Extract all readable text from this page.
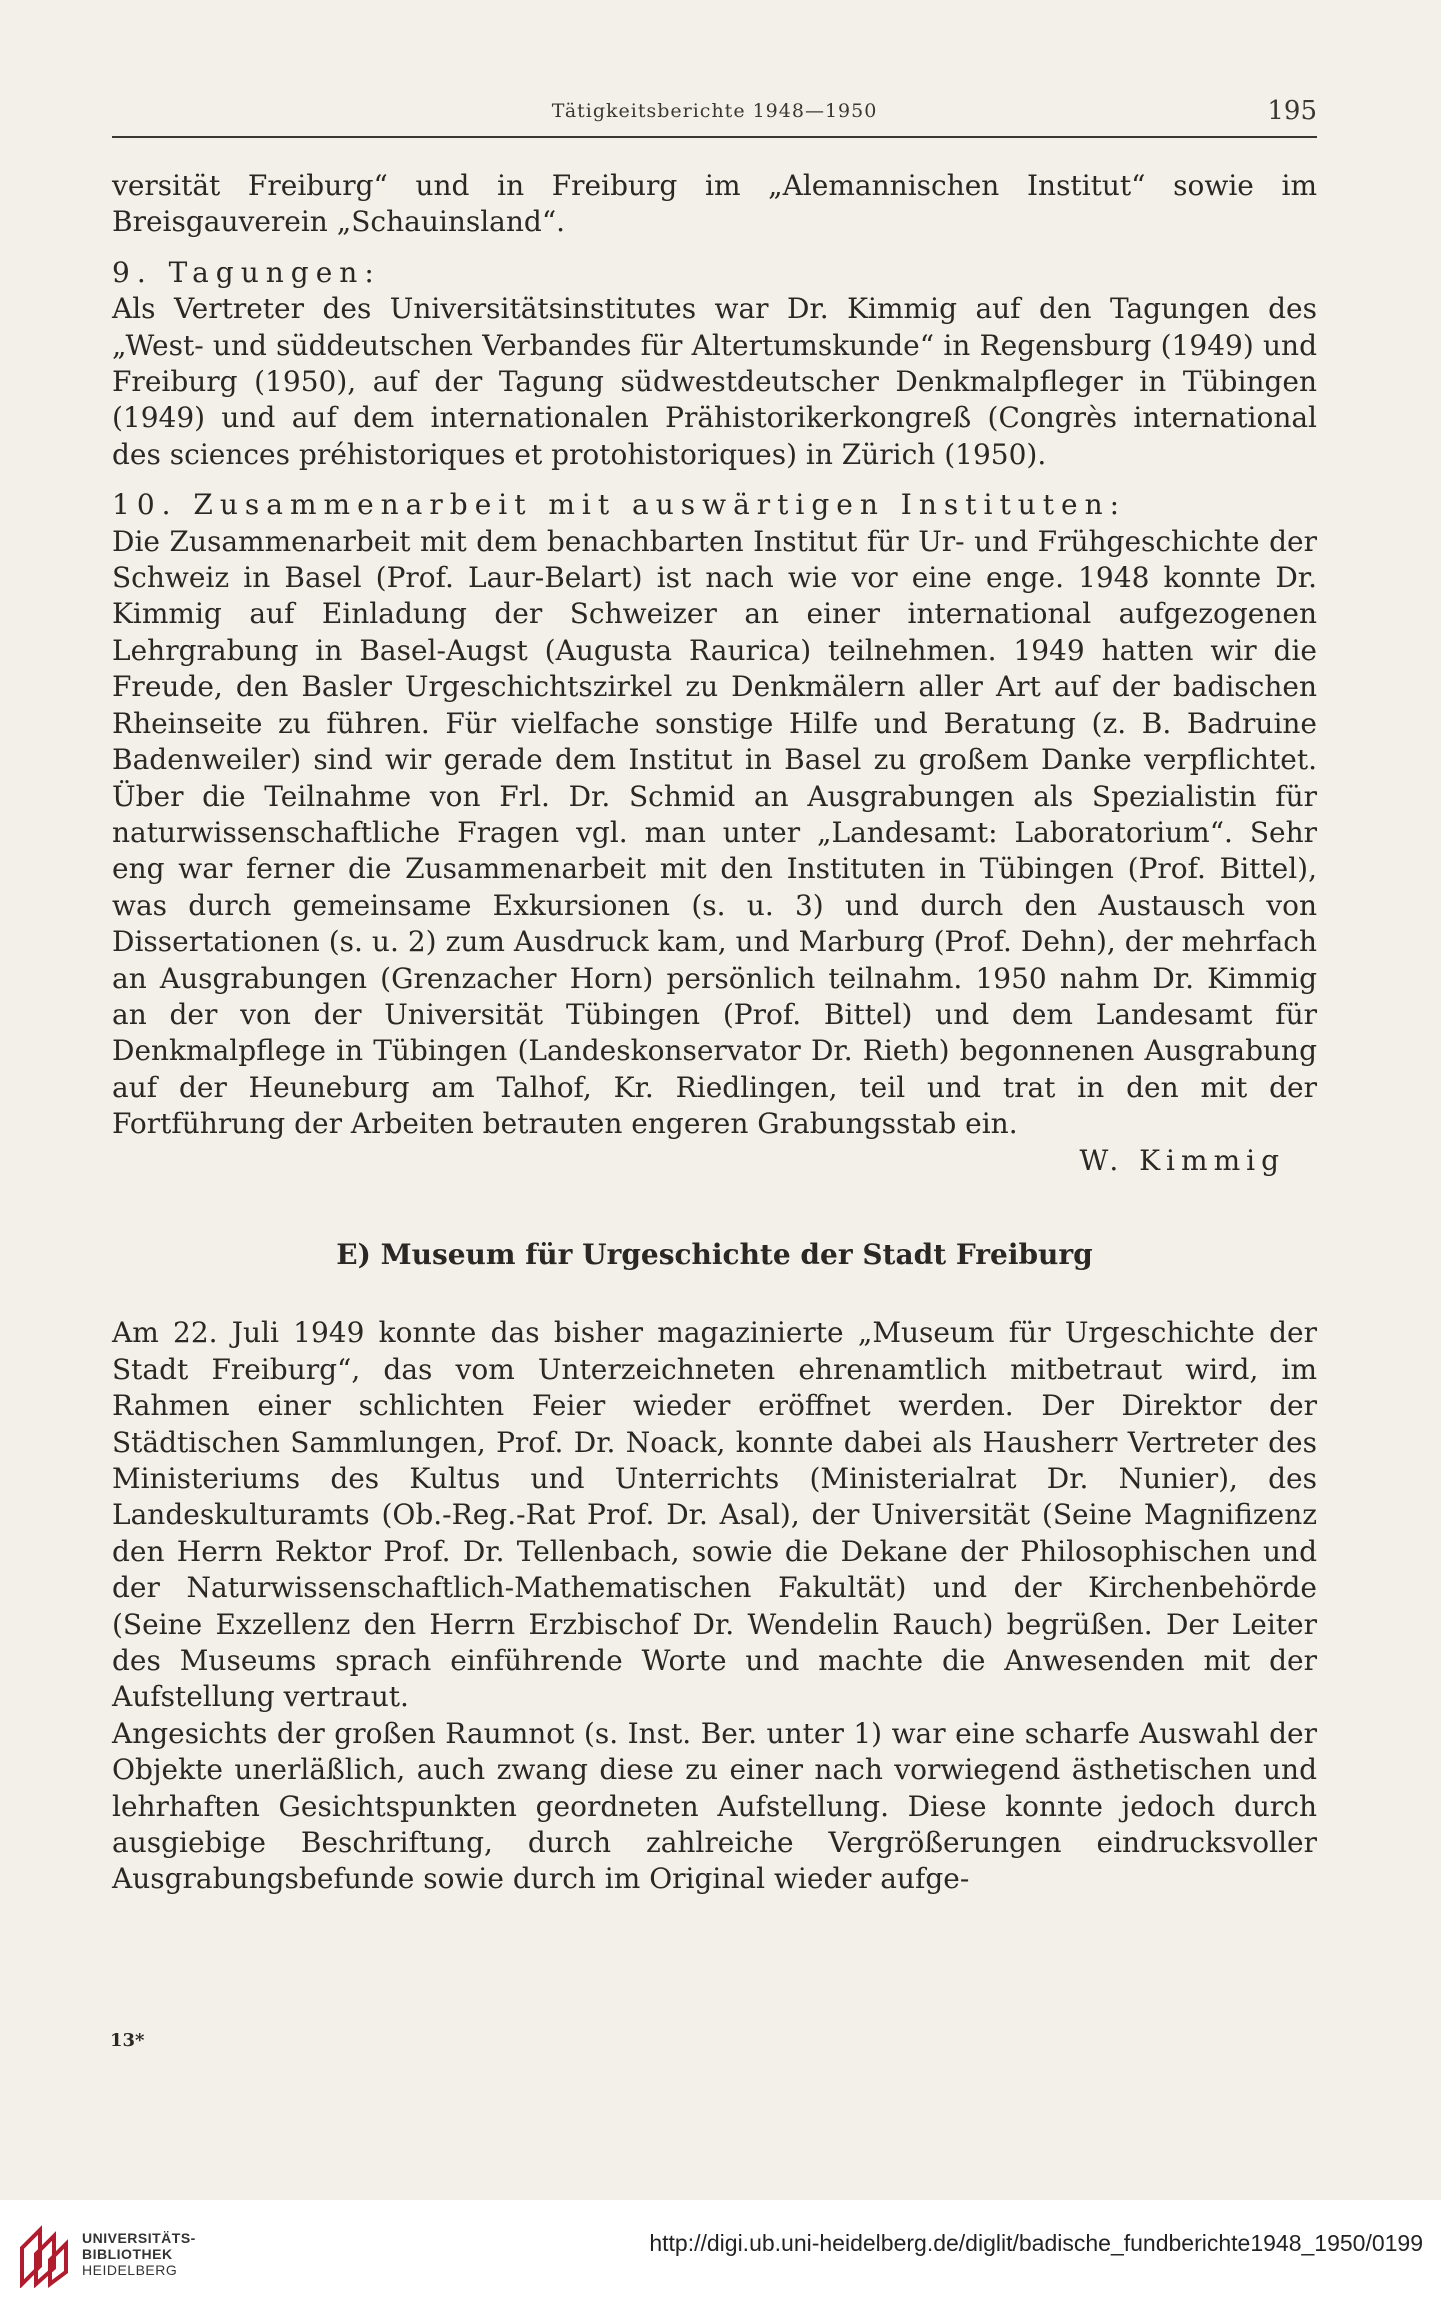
Tätigkeitsberichte 1948—1950	195

versität Freiburg“ und in Freiburg im „Alemannischen Institut“ sowie im Breisgauverein „Schauinsland“.

9. Tagungen:

Als Vertreter des Universitätsinstitutes war Dr. Kimmig auf den Tagungen des „West- und süddeutschen Verbandes für Altertumskunde“ in Regensburg (1949) und Freiburg (1950), auf der Tagung südwestdeutscher Denkmalpfleger in Tübingen (1949) und auf dem internationalen Prähistorikerkongreß (Congrès international des sciences préhistoriques et protohistoriques) in Zürich (1950).

10. Zusammenarbeit mit auswärtigen Instituten:

Die Zusammenarbeit mit dem benachbarten Institut für Ur- und Frühgeschichte der Schweiz in Basel (Prof. Laur-Belart) ist nach wie vor eine enge. 1948 konnte Dr. Kimmig auf Einladung der Schweizer an einer international aufgezogenen Lehrgrabung in Basel-Augst (Augusta Raurica) teilnehmen. 1949 hatten wir die Freude, den Basler Urgeschichtszirkel zu Denkmälern aller Art auf der badischen Rheinseite zu führen. Für vielfache sonstige Hilfe und Beratung (z. B. Badruine Badenweiler) sind wir gerade dem Institut in Basel zu großem Danke verpflichtet. Über die Teilnahme von Frl. Dr. Schmid an Ausgrabungen als Spezialistin für naturwissenschaftliche Fragen vgl. man unter „Landesamt: Laboratorium“. Sehr eng war ferner die Zusammenarbeit mit den Instituten in Tübingen (Prof. Bittel), was durch gemeinsame Exkursionen (s. u. 3) und durch den Austausch von Dissertationen (s. u. 2) zum Ausdruck kam, und Marburg (Prof. Dehn), der mehrfach an Ausgrabungen (Grenzacher Horn) persönlich teilnahm. 1950 nahm Dr. Kimmig an der von der Universität Tübingen (Prof. Bittel) und dem Landesamt für Denkmalpflege in Tübingen (Landeskonservator Dr. Rieth) begonnenen Ausgrabung auf der Heuneburg am Talhof, Kr. Riedlingen, teil und trat in den mit der Fortführung der Arbeiten betrauten engeren Grabungsstab ein.

W. Kimmig

E) Museum für Urgeschichte der Stadt Freiburg

Am 22. Juli 1949 konnte das bisher magazinierte „Museum für Urgeschichte der Stadt Freiburg“, das vom Unterzeichneten ehrenamtlich mitbetraut wird, im Rahmen einer schlichten Feier wieder eröffnet werden. Der Direktor der Städtischen Sammlungen, Prof. Dr. Noack, konnte dabei als Hausherr Vertreter des Ministeriums des Kultus und Unterrichts (Ministerialrat Dr. Nunier), des Landeskulturamts (Ob.-Reg.-Rat Prof. Dr. Asal), der Universität (Seine Magnifizenz den Herrn Rektor Prof. Dr. Tellenbach, sowie die Dekane der Philosophischen und der Naturwissenschaftlich-Mathematischen Fakultät) und der Kirchenbehörde (Seine Exzellenz den Herrn Erzbischof Dr. Wendelin Rauch) begrüßen. Der Leiter des Museums sprach einführende Worte und machte die Anwesenden mit der Aufstellung vertraut.

Angesichts der großen Raumnot (s. Inst. Ber. unter 1) war eine scharfe Auswahl der Objekte unerläßlich, auch zwang diese zu einer nach vorwiegend ästhetischen und lehrhaften Gesichtspunkten geordneten Aufstellung. Diese konnte jedoch durch ausgiebige Beschriftung, durch zahlreiche Vergrößerungen eindrucksvoller Ausgrabungsbefunde sowie durch im Original wieder aufge-

13*
UNIVERSITÄTS-
BIBLIOTHEK
HEIDELBERG
http://digi.ub.uni-heidelberg.de/diglit/badische_fundberichte1948_1950/0199
